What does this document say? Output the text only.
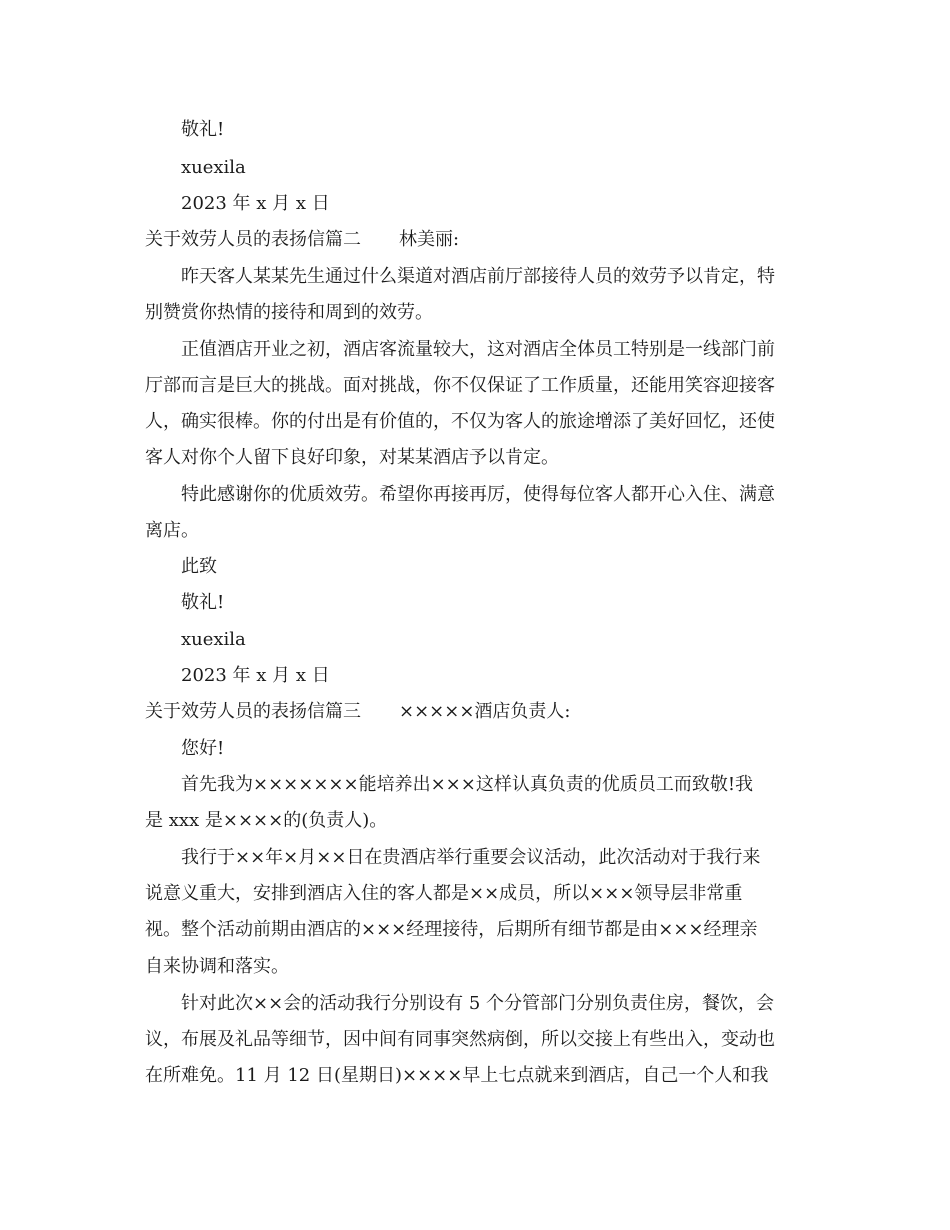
敬礼!
xuexila
2023 年 x 月 x 日
关于效劳人员的表扬信篇二 林美丽:
昨天客人某某先生通过什么渠道对酒店前厅部接待人员的效劳予以肯定，特
别赞赏你热情的接待和周到的效劳。
正值酒店开业之初，酒店客流量较大，这对酒店全体员工特别是一线部门前
厅部而言是巨大的挑战。面对挑战，你不仅保证了工作质量，还能用笑容迎接客
人，确实很棒。你的付出是有价值的，不仅为客人的旅途增添了美好回忆，还使
客人对你个人留下良好印象，对某某酒店予以肯定。
特此感谢你的优质效劳。希望你再接再厉，使得每位客人都开心入住、满意
离店。
此致
敬礼!
xuexila
2023 年 x 月 x 日
关于效劳人员的表扬信篇三 ×××××酒店负责人:
您好!
首先我为×××××××能培养出×××这样认真负责的优质员工而致敬!我
是 xxx 是××××的(负责人)。
我行于××年×月××日在贵酒店举行重要会议活动，此次活动对于我行来
说意义重大，安排到酒店入住的客人都是××成员，所以×××领导层非常重
视。整个活动前期由酒店的×××经理接待，后期所有细节都是由×××经理亲
自来协调和落实。
针对此次××会的活动我行分别设有 5 个分管部门分别负责住房，餐饮，会
议，布展及礼品等细节，因中间有同事突然病倒，所以交接上有些出入，变动也
在所难免。11 月 12 日(星期日)××××早上七点就来到酒店，自己一个人和我
